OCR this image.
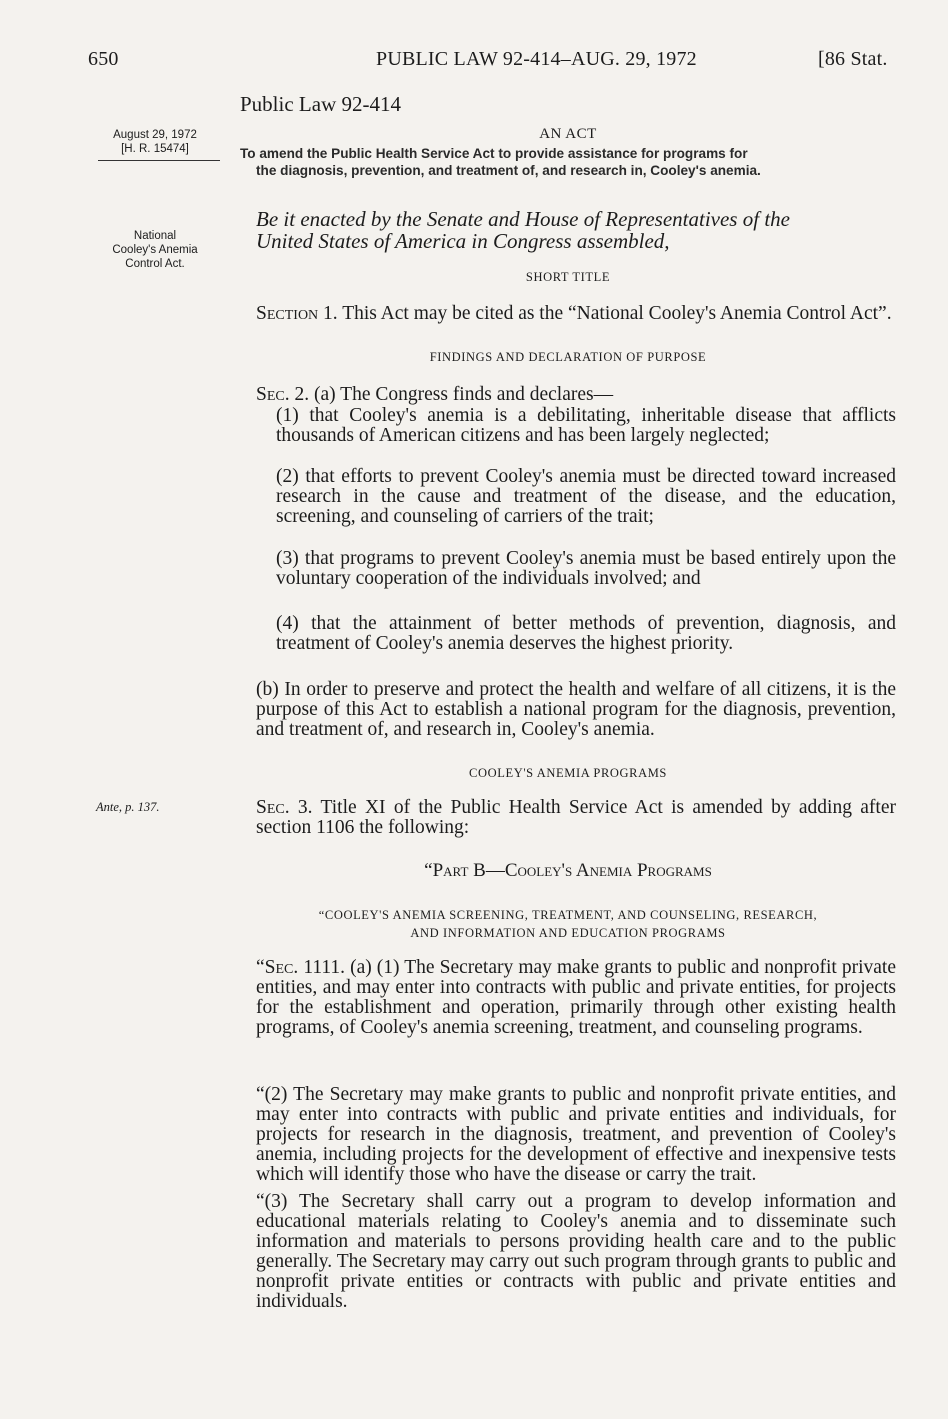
650	PUBLIC LAW 92-414–AUG. 29, 1972	[86 Stat.
Public Law 92-414
August 29, 1972
[H. R. 15474]
National
Cooley's Anemia
Control Act.
Ante, p. 137.
AN ACT
To amend the Public Health Service Act to provide assistance for programs for
the diagnosis, prevention, and treatment of, and research in, Cooley's anemia.
Be it enacted by the Senate and House of Representatives of the
United States of America in Congress assembled,
SHORT TITLE
Section 1. This Act may be cited as the “National Cooley's Anemia Control Act”.
FINDINGS AND DECLARATION OF PURPOSE
Sec. 2. (a) The Congress finds and declares—
(1) that Cooley's anemia is a debilitating, inheritable disease that afflicts thousands of American citizens and has been largely neglected;
(2) that efforts to prevent Cooley's anemia must be directed toward increased research in the cause and treatment of the disease, and the education, screening, and counseling of carriers of the trait;
(3) that programs to prevent Cooley's anemia must be based entirely upon the voluntary cooperation of the individuals involved; and
(4) that the attainment of better methods of prevention, diagnosis, and treatment of Cooley's anemia deserves the highest priority.
(b) In order to preserve and protect the health and welfare of all citizens, it is the purpose of this Act to establish a national program for the diagnosis, prevention, and treatment of, and research in, Cooley's anemia.
COOLEY'S ANEMIA PROGRAMS
Sec. 3. Title XI of the Public Health Service Act is amended by adding after section 1106 the following:
“Part B—Cooley's Anemia Programs
“COOLEY'S ANEMIA SCREENING, TREATMENT, AND COUNSELING, RESEARCH,
AND INFORMATION AND EDUCATION PROGRAMS
“Sec. 1111. (a) (1) The Secretary may make grants to public and nonprofit private entities, and may enter into contracts with public and private entities, for projects for the establishment and operation, primarily through other existing health programs, of Cooley's anemia screening, treatment, and counseling programs.
“(2) The Secretary may make grants to public and nonprofit private entities, and may enter into contracts with public and private entities and individuals, for projects for research in the diagnosis, treatment, and prevention of Cooley's anemia, including projects for the development of effective and inexpensive tests which will identify those who have the disease or carry the trait.
“(3) The Secretary shall carry out a program to develop information and educational materials relating to Cooley's anemia and to disseminate such information and materials to persons providing health care and to the public generally. The Secretary may carry out such program through grants to public and nonprofit private entities or contracts with public and private entities and individuals.
